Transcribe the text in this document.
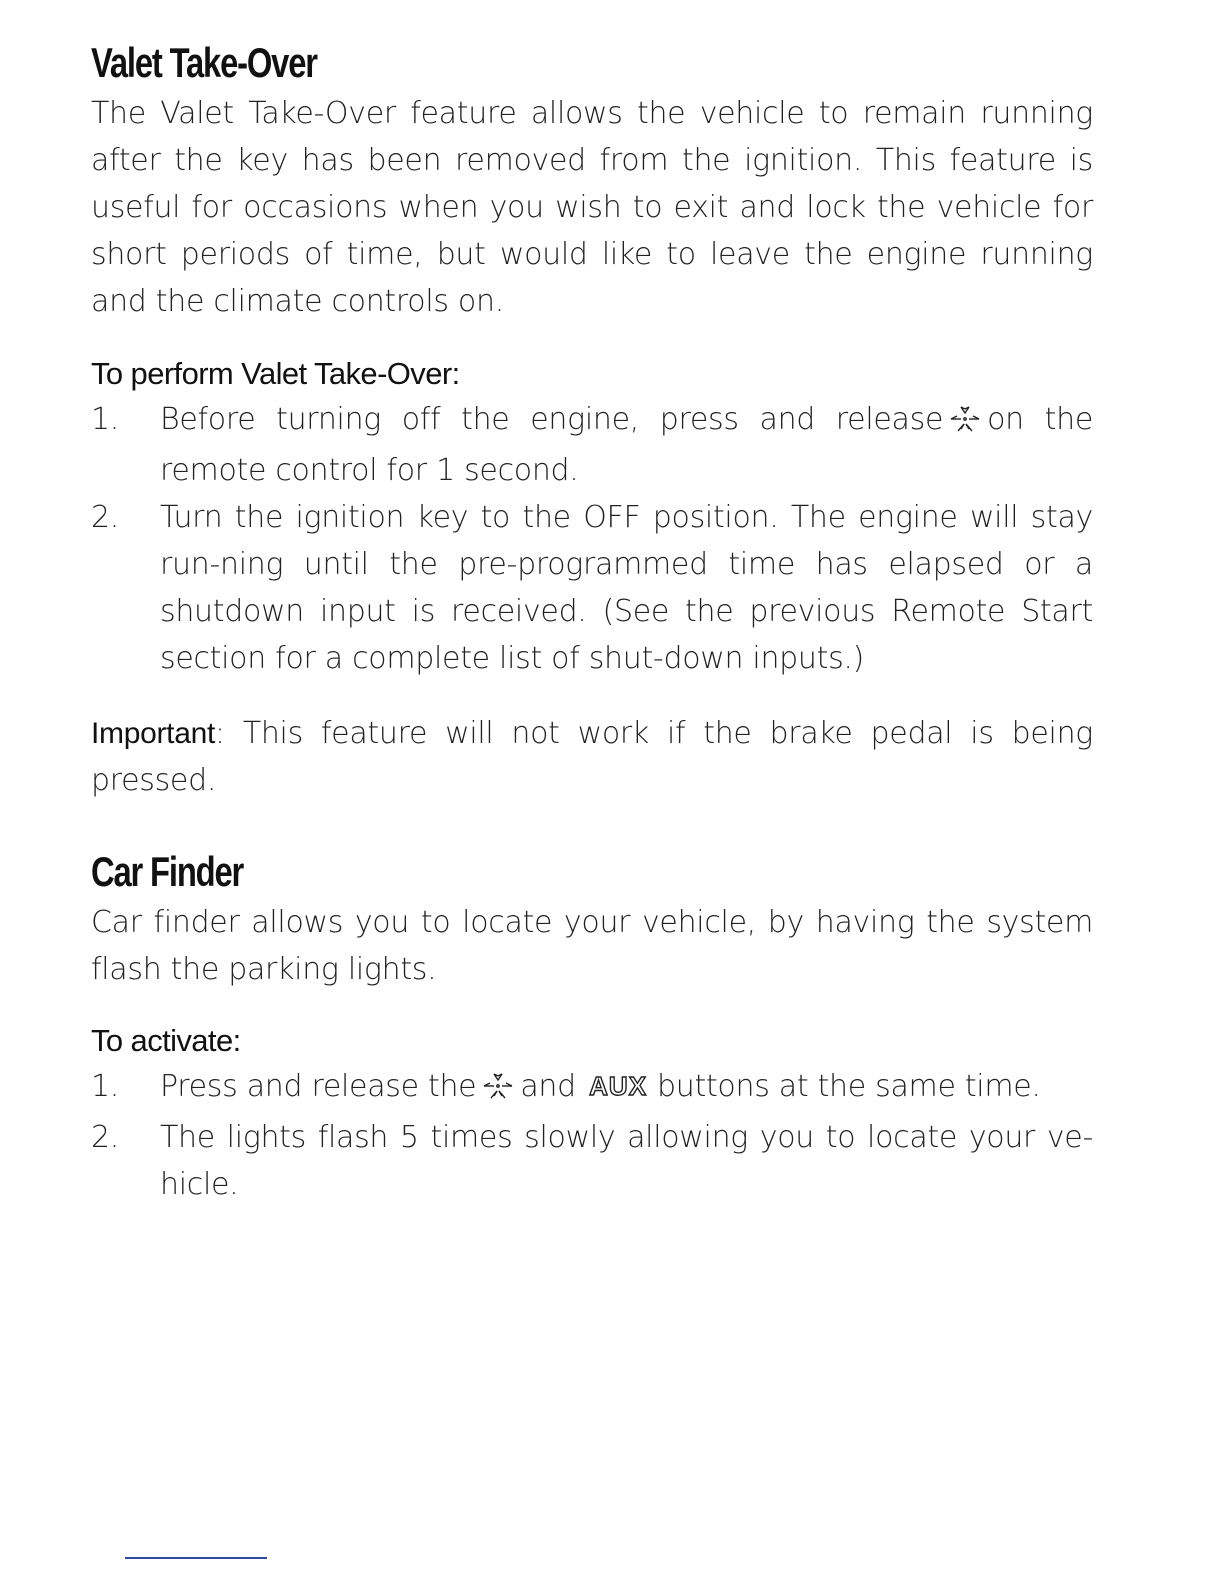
Valet Take-Over

The Valet Take-Over feature allows the vehicle to remain running after the key has been removed from the ignition. This feature is useful for occasions when you wish to exit and lock the vehicle for short periods of time, but would like to leave the engine running and the climate controls on.

To perform Valet Take-Over:
1. Before turning off the engine, press and release on the remote control for 1 second.
2. Turn the ignition key to the OFF position. The engine will stay run-ning until the pre-programmed time has elapsed or a shutdown input is received. (See the previous Remote Start section for a complete list of shut-down inputs.)

Important: This feature will not work if the brake pedal is being pressed.

Car Finder

Car finder allows you to locate your vehicle, by having the system flash the parking lights.

To activate:
1. Press and release the and AUX buttons at the same time.
2. The lights flash 5 times slowly allowing you to locate your ve-hicle.
